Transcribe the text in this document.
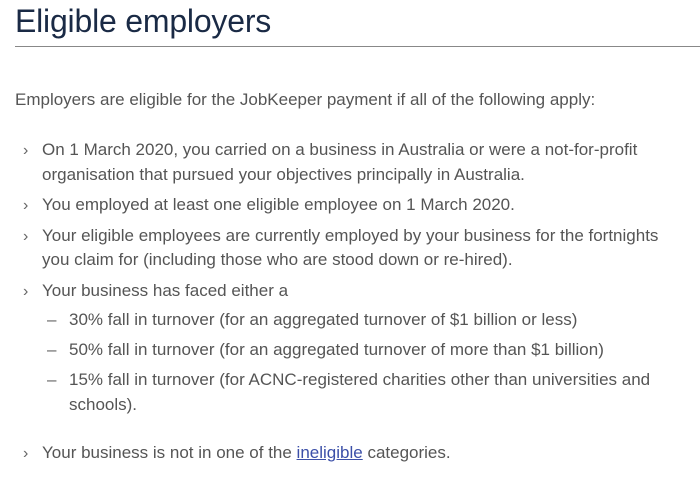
Eligible employers

Employers are eligible for the JobKeeper payment if all of the following apply:

› On 1 March 2020, you carried on a business in Australia or were a not-for-profit organisation that pursued your objectives principally in Australia.
› You employed at least one eligible employee on 1 March 2020.
› Your eligible employees are currently employed by your business for the fortnights you claim for (including those who are stood down or re-hired).
› Your business has faced either a
– 30% fall in turnover (for an aggregated turnover of $1 billion or less)
– 50% fall in turnover (for an aggregated turnover of more than $1 billion)
– 15% fall in turnover (for ACNC-registered charities other than universities and schools).
› Your business is not in one of the ineligible categories.
